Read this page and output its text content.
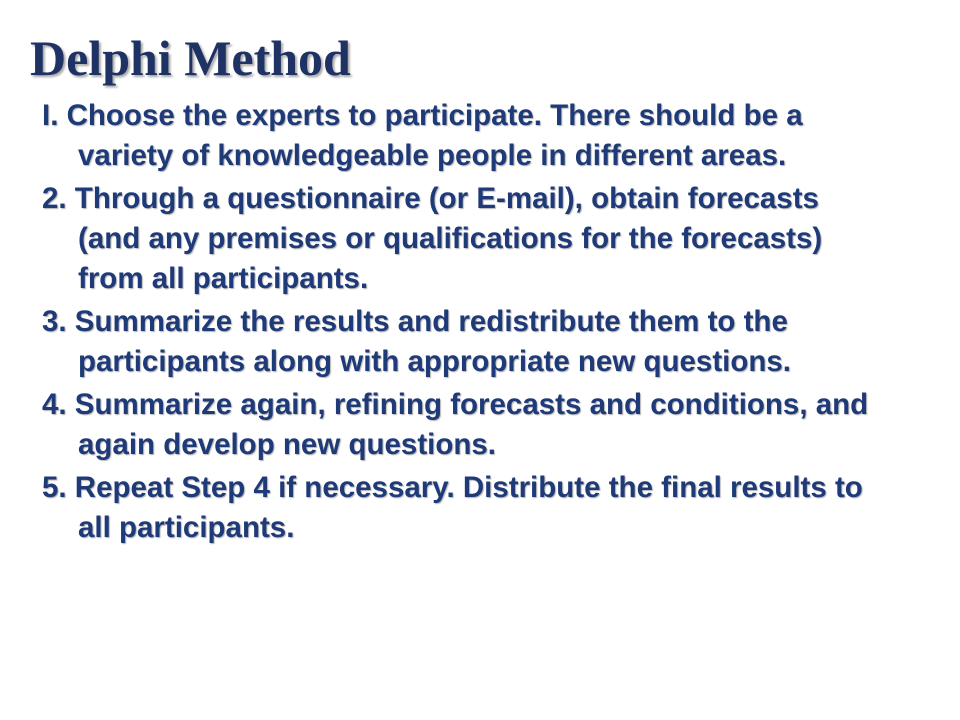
Delphi Method
I. Choose the experts to participate. There should be a variety of knowledgeable people in different areas.
2. Through a questionnaire (or E-mail), obtain forecasts (and any premises or qualifications for the forecasts) from all participants.
3. Summarize the results and redistribute them to the participants along with appropriate new questions.
4. Summarize again, refining forecasts and conditions, and again develop new questions.
5. Repeat Step 4 if necessary. Distribute the final results to all participants.
